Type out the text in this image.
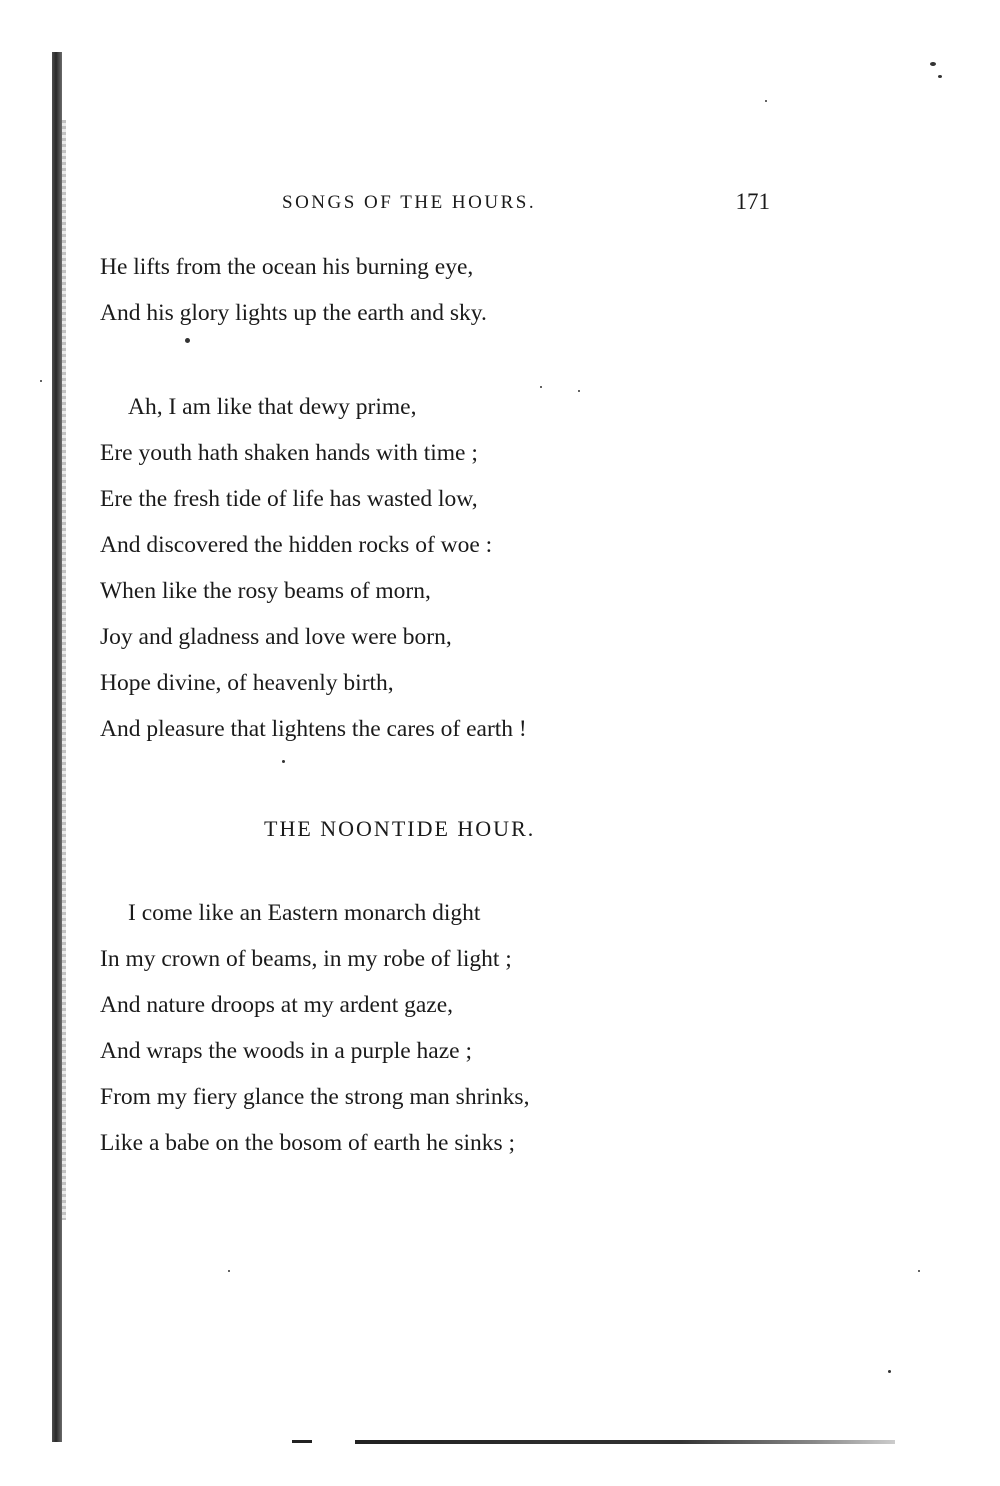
SONGS OF THE HOURS.	171
He lifts from the ocean his burning eye,
And his glory lights up the earth and sky.
Ah, I am like that dewy prime,
Ere youth hath shaken hands with time ;
Ere the fresh tide of life has wasted low,
And discovered the hidden rocks of woe :
When like the rosy beams of morn,
Joy and gladness and love were born,
Hope divine, of heavenly birth,
And pleasure that lightens the cares of earth !
THE NOONTIDE HOUR.
I come like an Eastern monarch dight
In my crown of beams, in my robe of light ;
And nature droops at my ardent gaze,
And wraps the woods in a purple haze ;
From my fiery glance the strong man shrinks,
Like a babe on the bosom of earth he sinks ;
